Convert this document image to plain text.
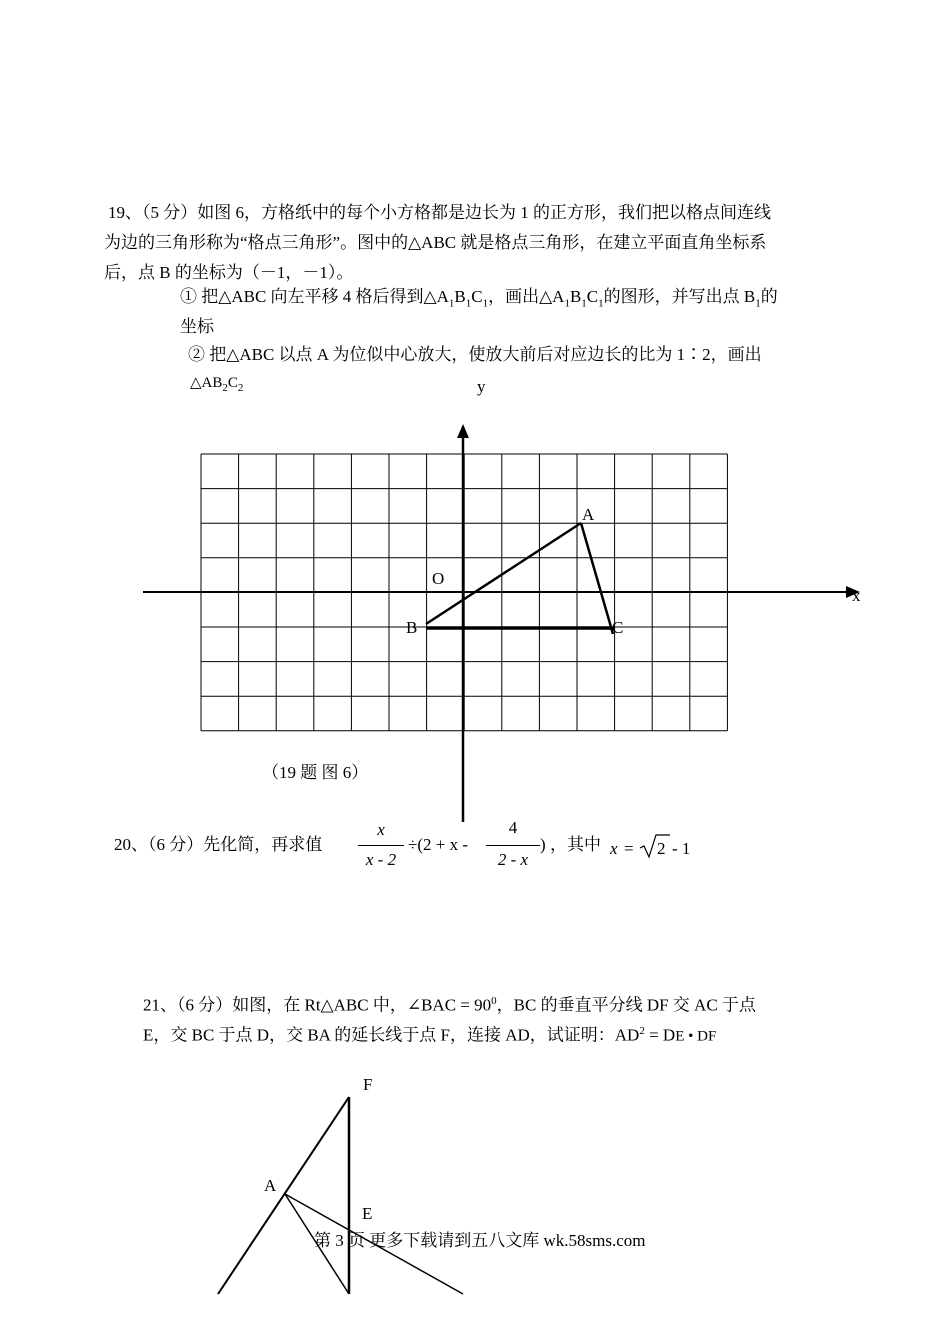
19、（5 分）如图 6，方格纸中的每个小方格都是边长为 1 的正方形，我们把以格点间连线
为边的三角形称为“格点三角形”。图中的△ABC 就是格点三角形，在建立平面直角坐标系
后，点 B 的坐标为（－1，－1）。
① 把△ABC 向左平移 4 格后得到$\triangle A_1B_1C_1$，画出$\triangle A_1B_1C_1$的图形，并写出点 $B_1$的
坐标
② 把△ABC 以点 A 为位似中心放大，使放大前后对应边长的比为 1∶2，画出
$\triangle AB_2C_2$	y
x
O
A
B	C
（19 题 图 6）
20、（6 分）先化简，再求值
x
x - 2
÷(2 + x -
4
2 - x
) ，其中 x = 2 - 1
21、（6 分）如图，在 Rt△ABC 中，∠BAC = $90^0$，BC 的垂直平分线 DF 交 AC 于点
E，交 BC 于点 D，交 BA 的延长线于点 F，连接 AD，试证明：$AD^2$ = DE • DF
F
A
E
第 3 页 更多下载请到五八文库 wk.58sms.com
